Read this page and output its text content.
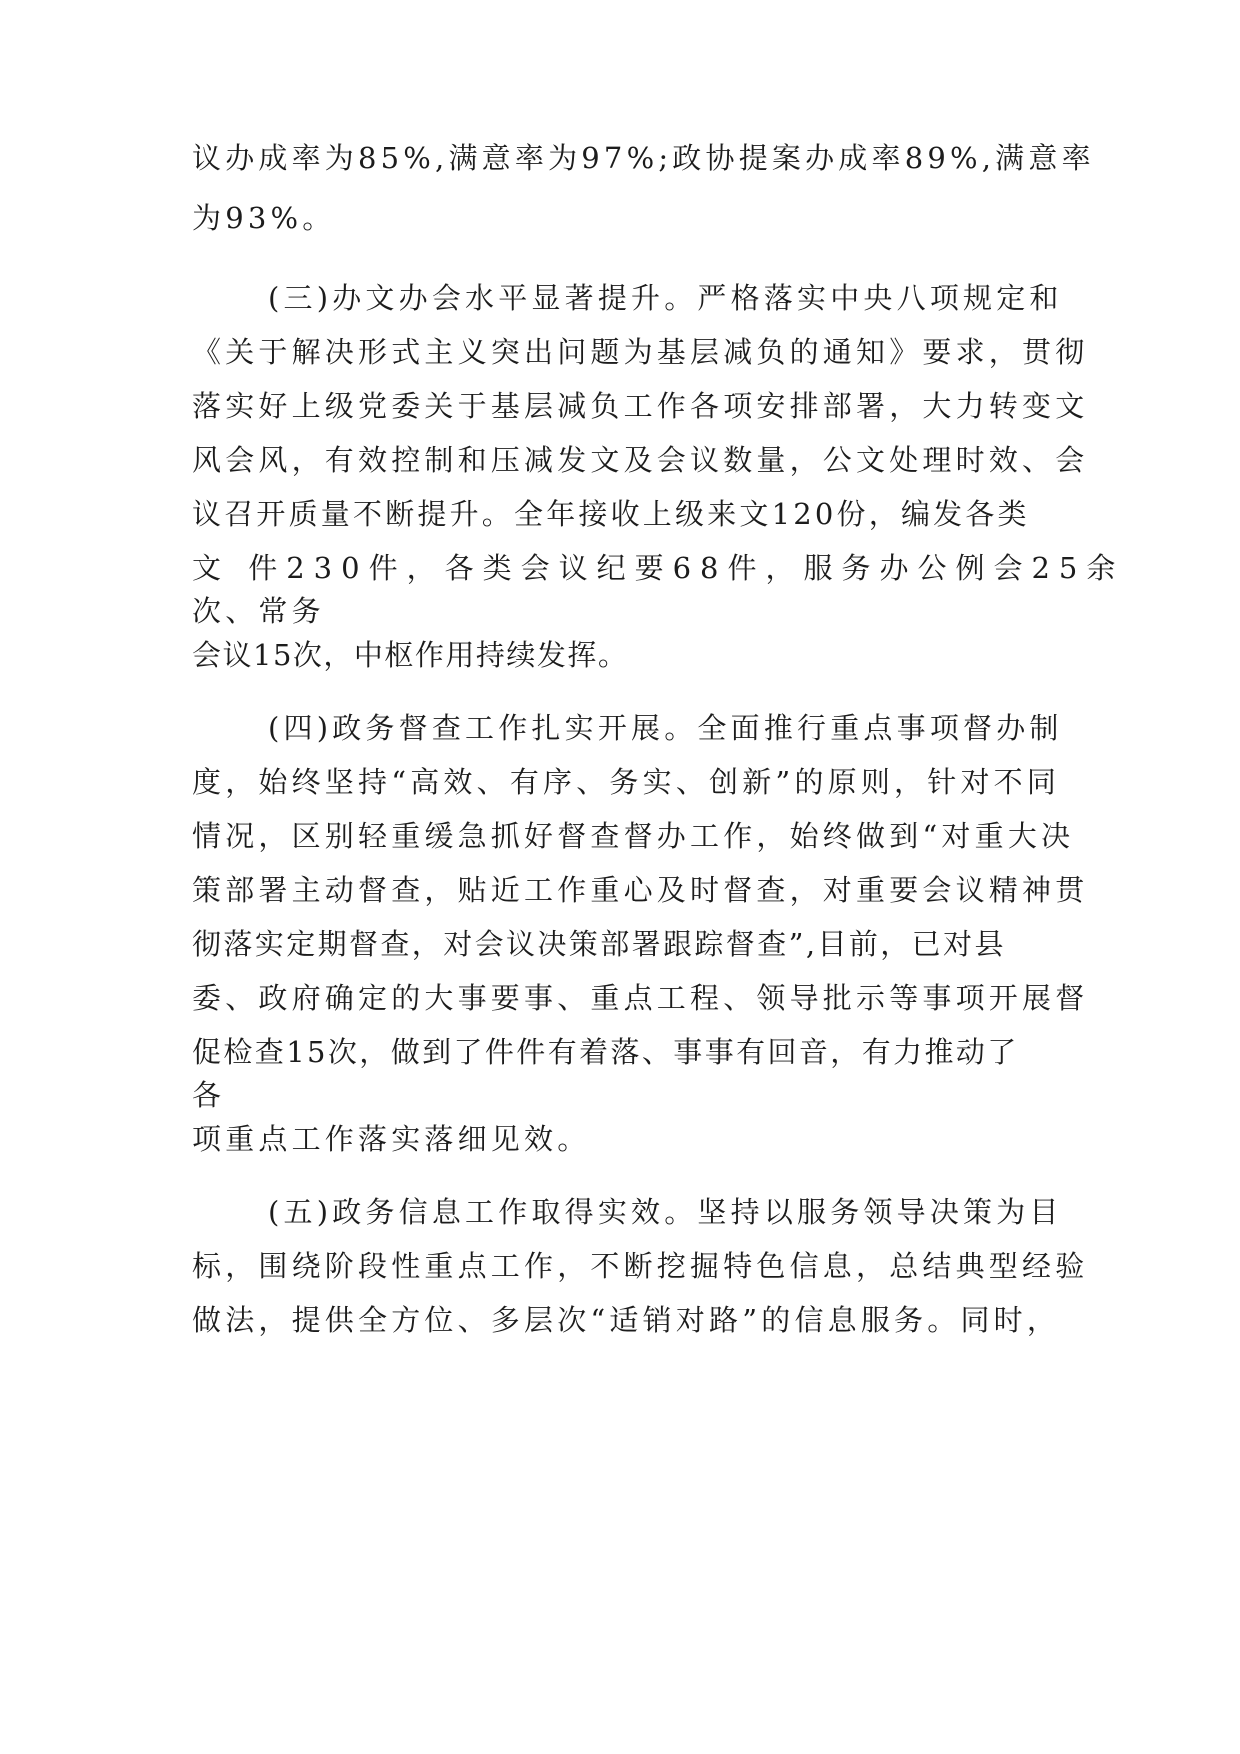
议办成率为85%,满意率为97%;政协提案办成率89%,满意率
为93%。
(三)办文办会水平显著提升。严格落实中央八项规定和
《关于解决形式主义突出问题为基层减负的通知》要求，贯彻
落实好上级党委关于基层减负工作各项安排部署，大力转变文
风会风，有效控制和压减发文及会议数量，公文处理时效、会
议召开质量不断提升。全年接收上级来文120份，编发各类
文 件230件，各类会议纪要68件，服务办公例会25余
次、常务
会议15次，中枢作用持续发挥。
(四)政务督查工作扎实开展。全面推行重点事项督办制
度，始终坚持“高效、有序、务实、创新”的原则，针对不同
情况，区别轻重缓急抓好督查督办工作，始终做到“对重大决
策部署主动督查，贴近工作重心及时督查，对重要会议精神贯
彻落实定期督查，对会议决策部署跟踪督查”,目前，已对县
委、政府确定的大事要事、重点工程、领导批示等事项开展督
促检查15次，做到了件件有着落、事事有回音，有力推动了
各
项重点工作落实落细见效。
(五)政务信息工作取得实效。坚持以服务领导决策为目
标，围绕阶段性重点工作，不断挖掘特色信息，总结典型经验
做法，提供全方位、多层次“适销对路”的信息服务。同时，
